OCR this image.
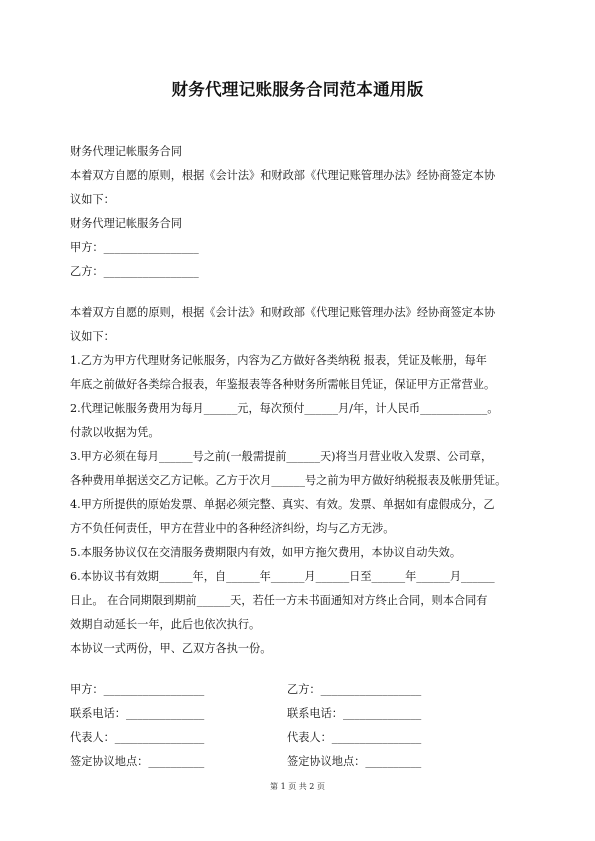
财务代理记账服务合同范本通用版
财务代理记帐服务合同
本着双方自愿的原则，根据《会计法》和财政部《代理记账管理办法》经协商签定本协
议如下：
财务代理记帐服务合同
甲方：_________________
乙方：_________________
本着双方自愿的原则，根据《会计法》和财政部《代理记账管理办法》经协商签定本协
议如下：
1.乙方为甲方代理财务记帐服务，内容为乙方做好各类纳税 报表，凭证及帐册，每年
年底之前做好各类综合报表，年鉴报表等各种财务所需帐目凭证，保证甲方正常营业。
2.代理记帐服务费用为每月______元，每次预付______月/年，计人民币____________。
付款以收据为凭。
3.甲方必须在每月______号之前(一般需提前______天)将当月营业收入发票、公司章，
各种费用单据送交乙方记帐。乙方于次月______号之前为甲方做好纳税报表及帐册凭证。
4.甲方所提供的原始发票、单据必须完整、真实、有效。发票、单据如有虚假成分，乙
方不负任何责任，甲方在营业中的各种经济纠纷，均与乙方无涉。
5.本服务协议仅在交清服务费期限内有效，如甲方拖欠费用，本协议自动失效。
6.本协议书有效期______年，自______年______月______日至______年______月______
日止。 在合同期限到期前______天，若任一方未书面通知对方终止合同，则本合同有
效期自动延长一年，此后也依次执行。
本协议一式两份，甲、乙双方各执一份。
甲方：__________________
联系电话：______________
代表人：________________
签定协议地点：__________
乙方：__________________
联系电话：______________
代表人：________________
签定协议地点：__________
第 1 页 共 2 页
